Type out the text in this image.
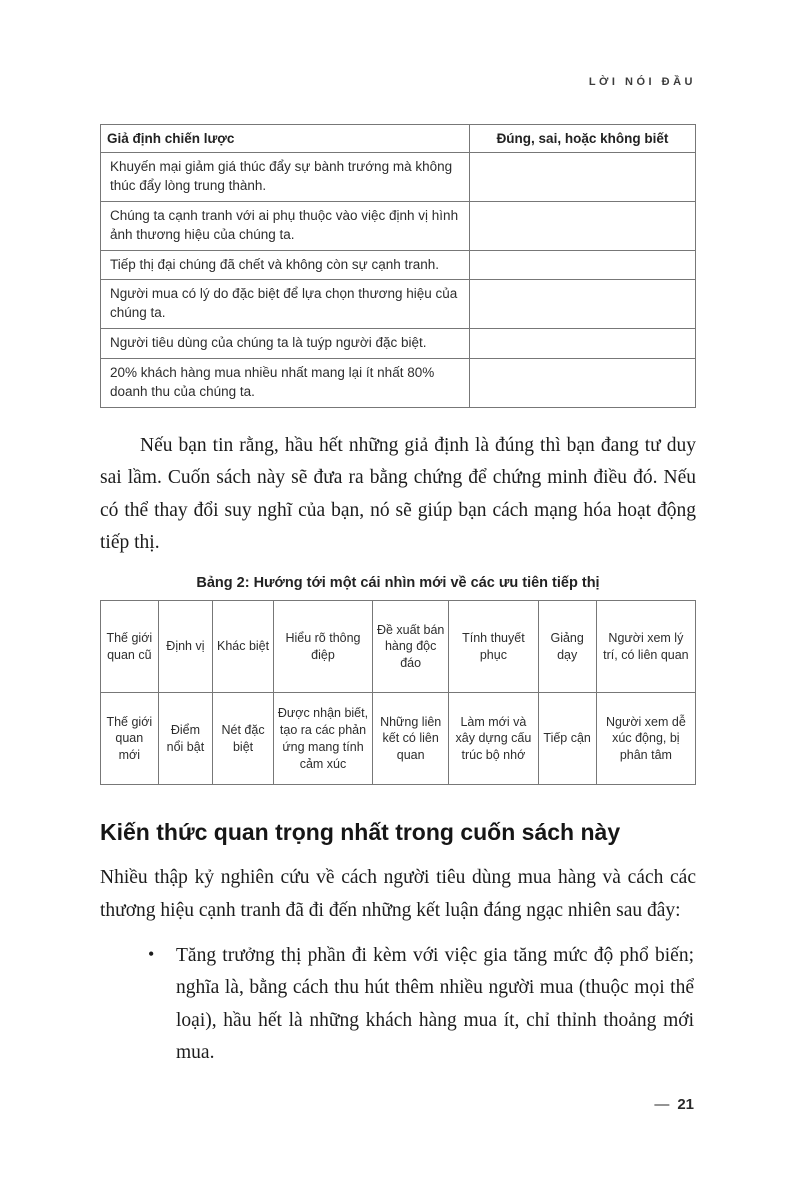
LỜI NÓI ĐẦU
Giả định chiến lược	Đúng, sai, hoặc không biết
Khuyến mại giảm giá thúc đẩy sự bành trướng mà không thúc đẩy lòng trung thành.	
Chúng ta cạnh tranh với ai phụ thuộc vào việc định vị hình ảnh thương hiệu của chúng ta.	
Tiếp thị đại chúng đã chết và không còn sự cạnh tranh.	
Người mua có lý do đặc biệt để lựa chọn thương hiệu của chúng ta.	
Người tiêu dùng của chúng ta là tuýp người đặc biệt.	
20% khách hàng mua nhiều nhất mang lại ít nhất 80% doanh thu của chúng ta.	

Nếu bạn tin rằng, hầu hết những giả định là đúng thì bạn đang tư duy sai lầm. Cuốn sách này sẽ đưa ra bằng chứng để chứng minh điều đó. Nếu có thể thay đổi suy nghĩ của bạn, nó sẽ giúp bạn cách mạng hóa hoạt động tiếp thị.

Bảng 2: Hướng tới một cái nhìn mới về các ưu tiên tiếp thị
Thế giới quan cũ	Định vị	Khác biệt	Hiểu rõ thông điệp	Đề xuất bán hàng độc đáo	Tính thuyết phục	Giảng dạy	Người xem lý trí, có liên quan
Thế giới quan mới	Điểm nổi bật	Nét đặc biệt	Được nhận biết, tạo ra các phản ứng mang tính cảm xúc	Những liên kết có liên quan	Làm mới và xây dựng cấu trúc bộ nhớ	Tiếp cận	Người xem dễ xúc động, bị phân tâm
Kiến thức quan trọng nhất trong cuốn sách này

Nhiều thập kỷ nghiên cứu về cách người tiêu dùng mua hàng và cách các thương hiệu cạnh tranh đã đi đến những kết luận đáng ngạc nhiên sau đây:

•	Tăng trưởng thị phần đi kèm với việc gia tăng mức độ phổ biến; nghĩa là, bằng cách thu hút thêm nhiều người mua (thuộc mọi thể loại), hầu hết là những khách hàng mua ít, chỉ thỉnh thoảng mới mua.
— 21
